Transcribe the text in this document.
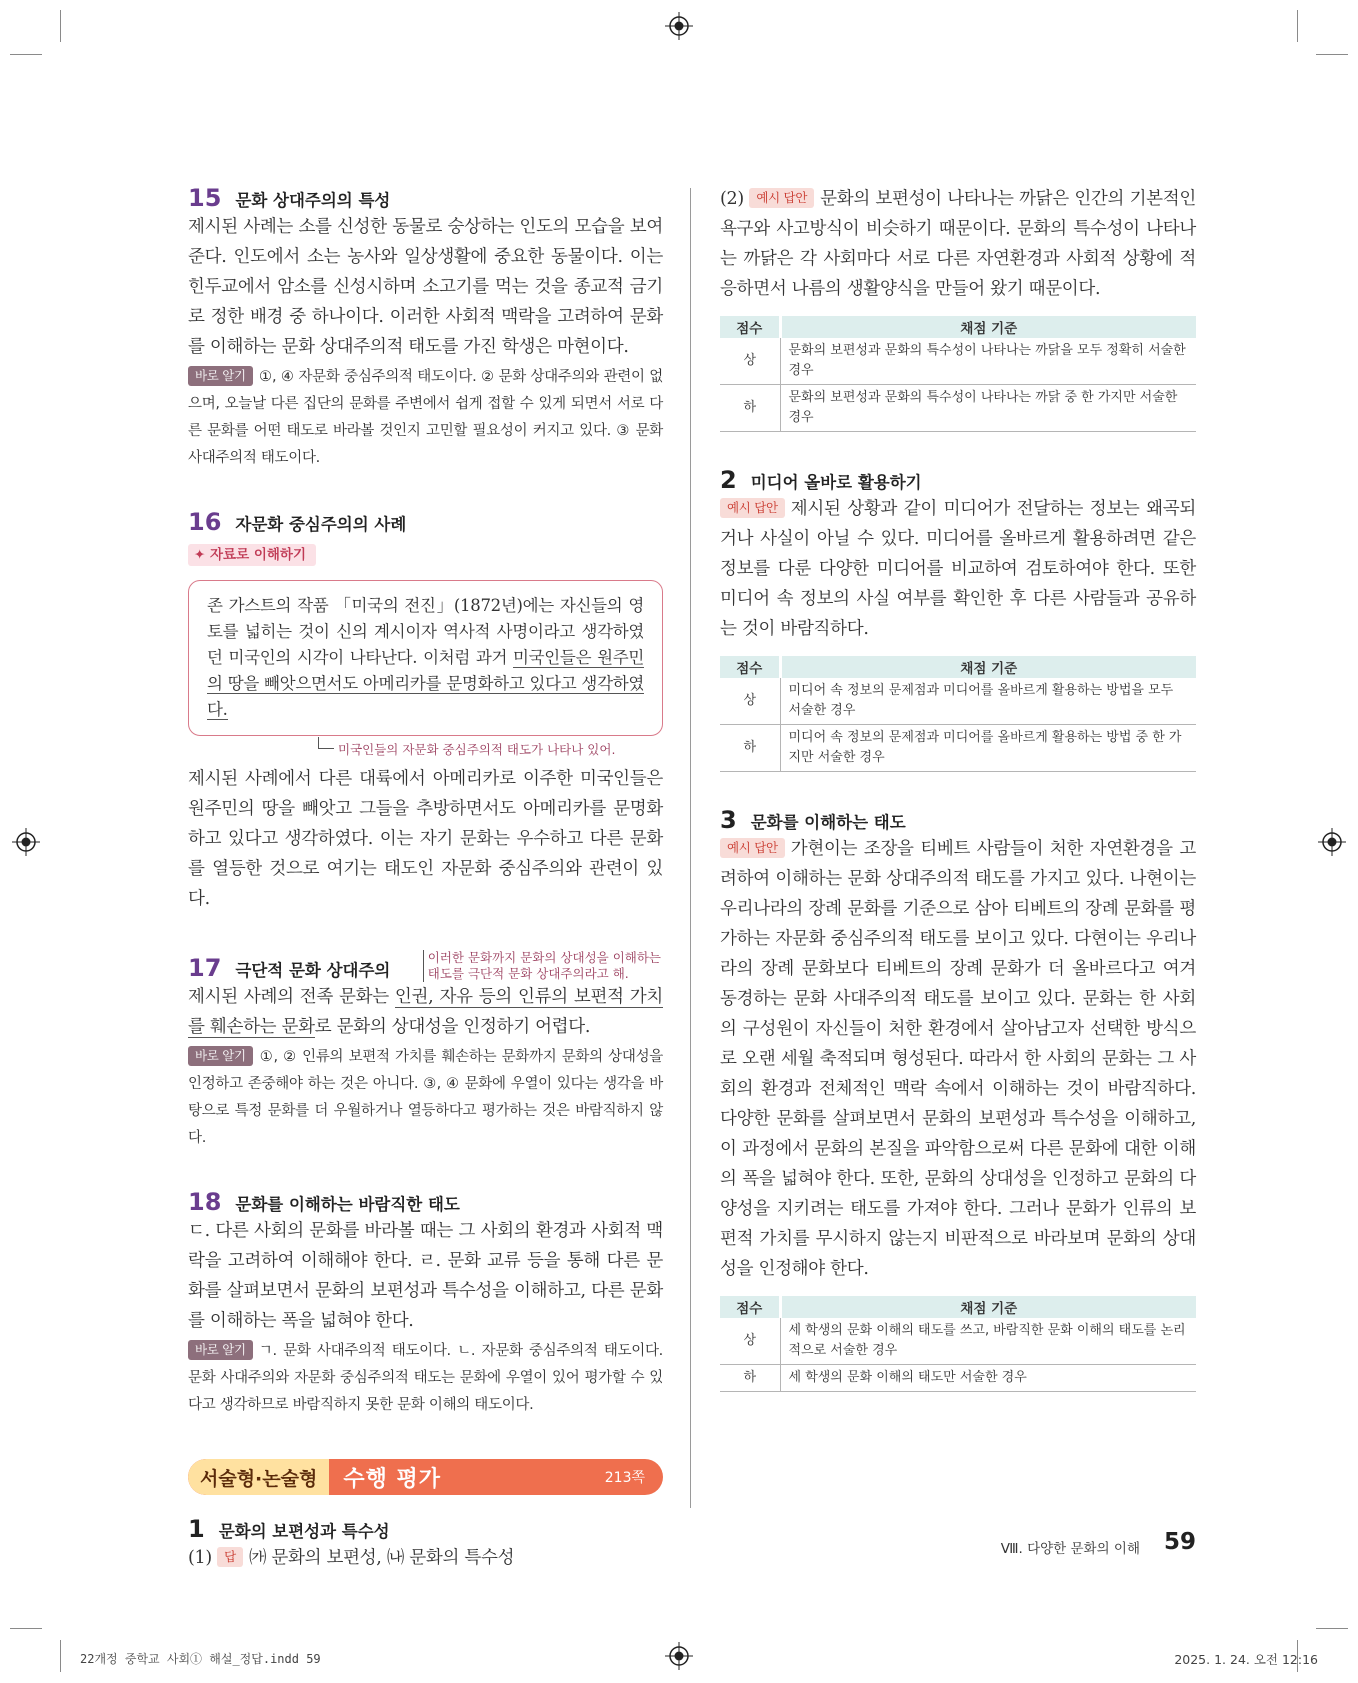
15 문화 상대주의의 특성

제시된 사례는 소를 신성한 동물로 숭상하는 인도의 모습을 보여 준다. 인도에서 소는 농사와 일상생활에 중요한 동물이다. 이는 힌두교에서 암소를 신성시하며 소고기를 먹는 것을 종교적 금기로 정한 배경 중 하나이다. 이러한 사회적 맥락을 고려하여 문화를 이해하는 문화 상대주의적 태도를 가진 학생은 마현이다.

바로 알기 ①, ④ 자문화 중심주의적 태도이다. ② 문화 상대주의와 관련이 없으며, 오늘날 다른 집단의 문화를 주변에서 쉽게 접할 수 있게 되면서 서로 다른 문화를 어떤 태도로 바라볼 것인지 고민할 필요성이 커지고 있다. ③ 문화 사대주의적 태도이다.

16 자문화 중심주의의 사례
✦ 자료로 이해하기

존 가스트의 작품 「미국의 전진」(1872년)에는 자신들의 영토를 넓히는 것이 신의 계시이자 역사적 사명이라고 생각하였던 미국인의 시각이 나타난다. 이처럼 과거 미국인들은 원주민의 땅을 빼앗으면서도 아메리카를 문명화하고 있다고 생각하였다.

미국인들의 자문화 중심주의적 태도가 나타나 있어.

제시된 사례에서 다른 대륙에서 아메리카로 이주한 미국인들은 원주민의 땅을 빼앗고 그들을 추방하면서도 아메리카를 문명화하고 있다고 생각하였다. 이는 자기 문화는 우수하고 다른 문화를 열등한 것으로 여기는 태도인 자문화 중심주의와 관련이 있다.

17 극단적 문화 상대주의
이러한 문화까지 문화의 상대성을 이해하는
태도를 극단적 문화 상대주의라고 해.

제시된 사례의 전족 문화는 인권, 자유 등의 인류의 보편적 가치를 훼손하는 문화로 문화의 상대성을 인정하기 어렵다.

바로 알기 ①, ② 인류의 보편적 가치를 훼손하는 문화까지 문화의 상대성을 인정하고 존중해야 하는 것은 아니다. ③, ④ 문화에 우열이 있다는 생각을 바탕으로 특정 문화를 더 우월하거나 열등하다고 평가하는 것은 바람직하지 않다.

18 문화를 이해하는 바람직한 태도

ㄷ. 다른 사회의 문화를 바라볼 때는 그 사회의 환경과 사회적 맥락을 고려하여 이해해야 한다. ㄹ. 문화 교류 등을 통해 다른 문화를 살펴보면서 문화의 보편성과 특수성을 이해하고, 다른 문화를 이해하는 폭을 넓혀야 한다.

바로 알기 ㄱ. 문화 사대주의적 태도이다. ㄴ. 자문화 중심주의적 태도이다. 문화 사대주의와 자문화 중심주의적 태도는 문화에 우열이 있어 평가할 수 있다고 생각하므로 바람직하지 못한 문화 이해의 태도이다.

서술형·논술형	수행 평가	213쪽
1 문화의 보편성과 특수성

(1) 답 ㈎ 문화의 보편성, ㈏ 문화의 특수성

(2) 예시 답안 문화의 보편성이 나타나는 까닭은 인간의 기본적인 욕구와 사고방식이 비슷하기 때문이다. 문화의 특수성이 나타나는 까닭은 각 사회마다 서로 다른 자연환경과 사회적 상황에 적응하면서 나름의 생활양식을 만들어 왔기 때문이다.

점수	채점 기준
상	문화의 보편성과 문화의 특수성이 나타나는 까닭을 모두 정확히 서술한 경우
하	문화의 보편성과 문화의 특수성이 나타나는 까닭 중 한 가지만 서술한 경우
2 미디어 올바로 활용하기

예시 답안 제시된 상황과 같이 미디어가 전달하는 정보는 왜곡되거나 사실이 아닐 수 있다. 미디어를 올바르게 활용하려면 같은 정보를 다룬 다양한 미디어를 비교하여 검토하여야 한다. 또한 미디어 속 정보의 사실 여부를 확인한 후 다른 사람들과 공유하는 것이 바람직하다.

점수	채점 기준
상	미디어 속 정보의 문제점과 미디어를 올바르게 활용하는 방법을 모두 서술한 경우
하	미디어 속 정보의 문제점과 미디어를 올바르게 활용하는 방법 중 한 가지만 서술한 경우
3 문화를 이해하는 태도

예시 답안 가현이는 조장을 티베트 사람들이 처한 자연환경을 고려하여 이해하는 문화 상대주의적 태도를 가지고 있다. 나현이는 우리나라의 장례 문화를 기준으로 삼아 티베트의 장례 문화를 평가하는 자문화 중심주의적 태도를 보이고 있다. 다현이는 우리나라의 장례 문화보다 티베트의 장례 문화가 더 올바르다고 여겨 동경하는 문화 사대주의적 태도를 보이고 있다. 문화는 한 사회의 구성원이 자신들이 처한 환경에서 살아남고자 선택한 방식으로 오랜 세월 축적되며 형성된다. 따라서 한 사회의 문화는 그 사회의 환경과 전체적인 맥락 속에서 이해하는 것이 바람직하다. 다양한 문화를 살펴보면서 문화의 보편성과 특수성을 이해하고, 이 과정에서 문화의 본질을 파악함으로써 다른 문화에 대한 이해의 폭을 넓혀야 한다. 또한, 문화의 상대성을 인정하고 문화의 다양성을 지키려는 태도를 가져야 한다. 그러나 문화가 인류의 보편적 가치를 무시하지 않는지 비판적으로 바라보며 문화의 상대성을 인정해야 한다.

점수	채점 기준
상	세 학생의 문화 이해의 태도를 쓰고, 바람직한 문화 이해의 태도를 논리적으로 서술한 경우
하	세 학생의 문화 이해의 태도만 서술한 경우
Ⅷ. 다양한 문화의 이해 59
22개정 중학교 사회① 해설_정답.indd 59	2025. 1. 24. 오전 12:16
